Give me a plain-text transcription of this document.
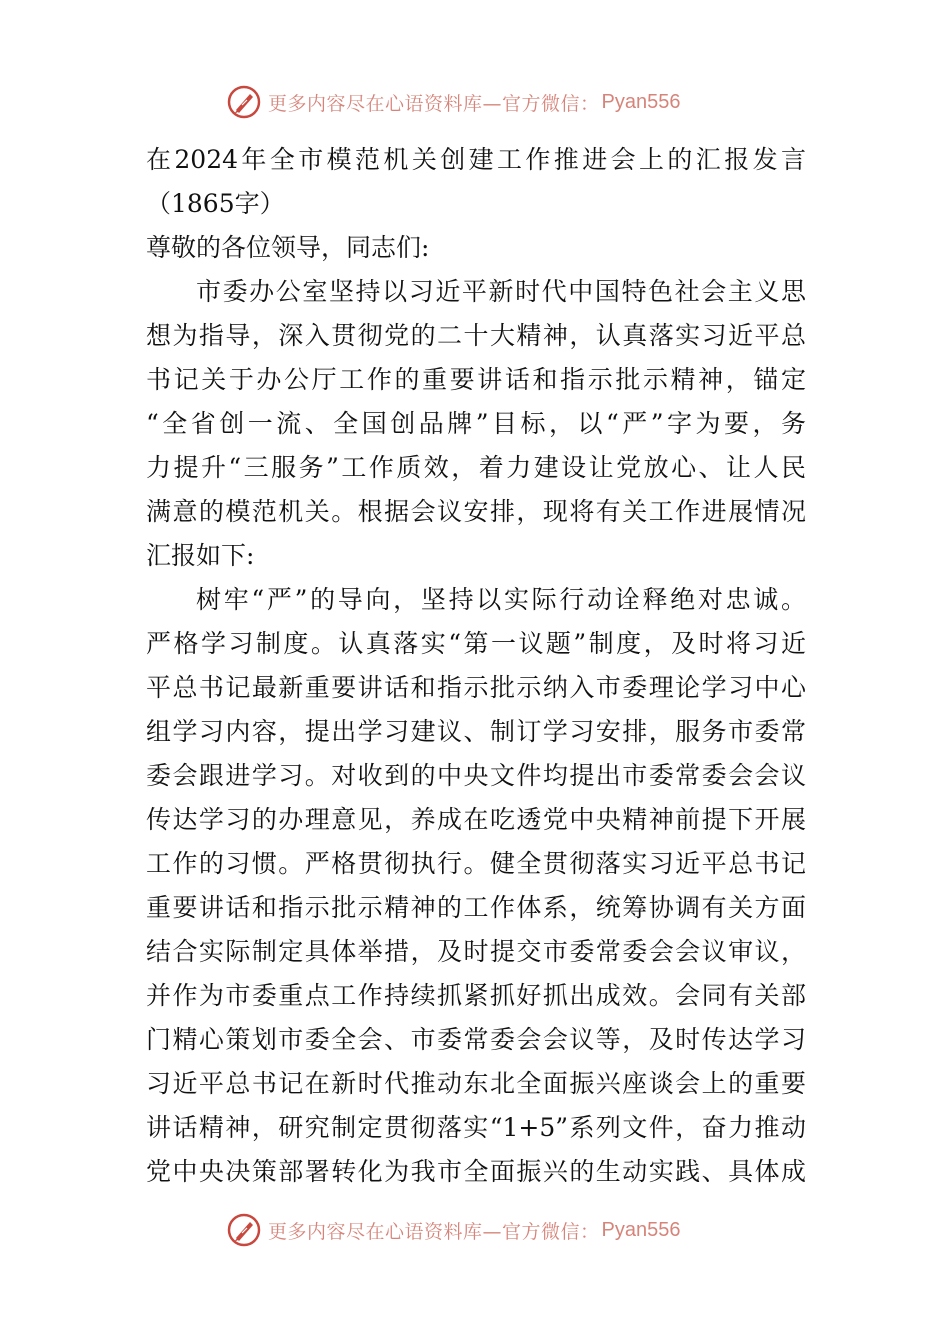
更多内容尽在心语资料库—官方微信： Pyan556
在2024年全市模范机关创建工作推进会上的汇报发言
（1865字）
尊敬的各位领导，同志们:
市委办公室坚持以习近平新时代中国特色社会主义思
想为指导，深入贯彻党的二十大精神，认真落实习近平总
书记关于办公厅工作的重要讲话和指示批示精神，锚定
“全省创一流、全国创品牌”目标，以“严”字为要，务
力提升“三服务”工作质效，着力建设让党放心、让人民
满意的模范机关。根据会议安排，现将有关工作进展情况
汇报如下:
树牢“严”的导向，坚持以实际行动诠释绝对忠诚。
严格学习制度。认真落实“第一议题”制度，及时将习近
平总书记最新重要讲话和指示批示纳入市委理论学习中心
组学习内容，提出学习建议、制订学习安排，服务市委常
委会跟进学习。对收到的中央文件均提出市委常委会会议
传达学习的办理意见，养成在吃透党中央精神前提下开展
工作的习惯。严格贯彻执行。健全贯彻落实习近平总书记
重要讲话和指示批示精神的工作体系，统筹协调有关方面
结合实际制定具体举措，及时提交市委常委会会议审议，
并作为市委重点工作持续抓紧抓好抓出成效。会同有关部
门精心策划市委全会、市委常委会会议等，及时传达学习
习近平总书记在新时代推动东北全面振兴座谈会上的重要
讲话精神，研究制定贯彻落实“1+5”系列文件，奋力推动
党中央决策部署转化为我市全面振兴的生动实践、具体成
更多内容尽在心语资料库—官方微信： Pyan556
